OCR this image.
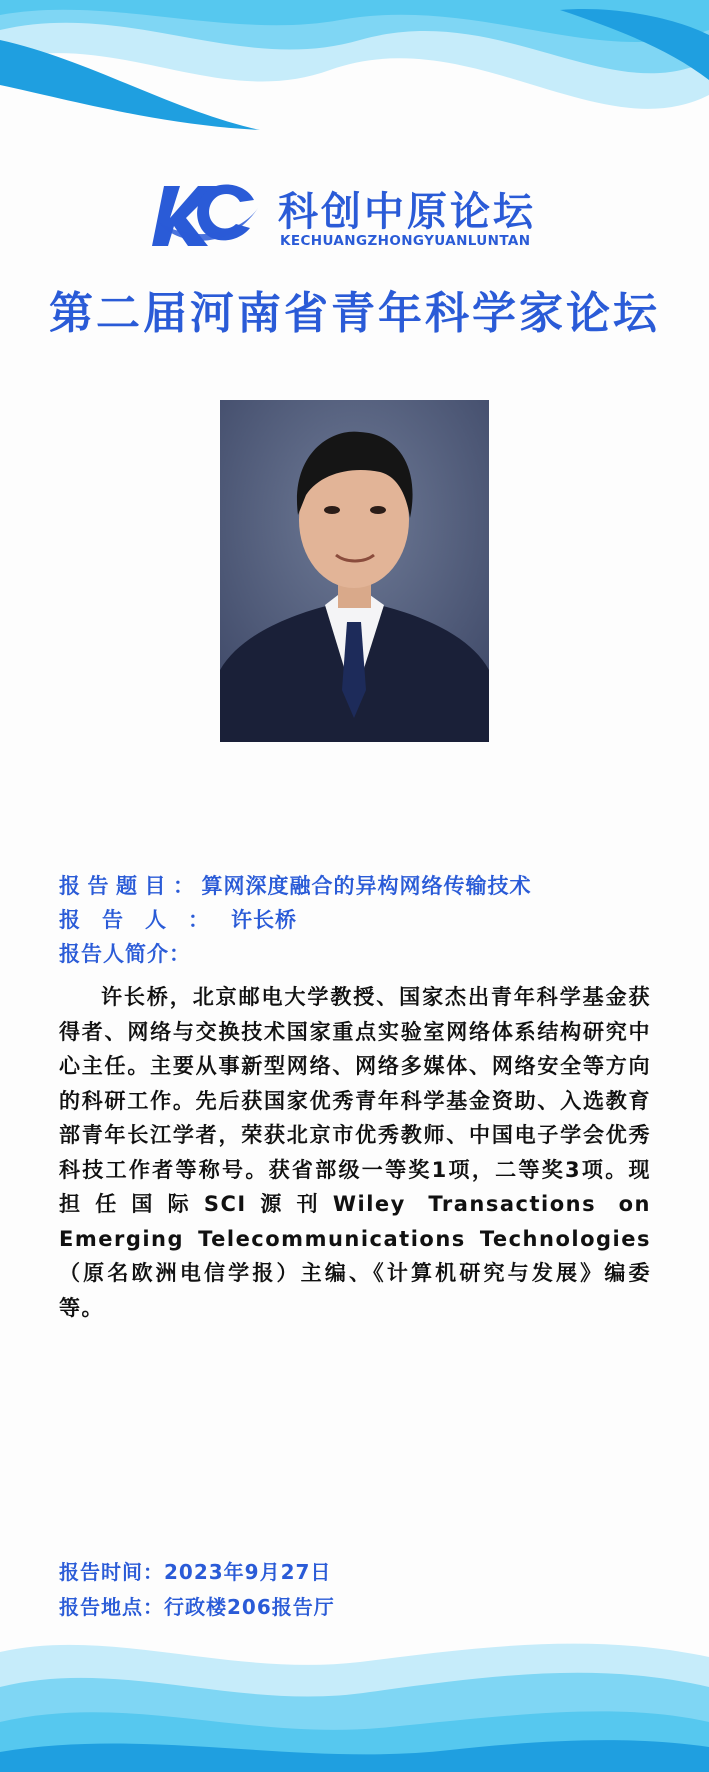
科创中原论坛
KECHUANGZHONGYUANLUNTAN
第二届河南省青年科学家论坛
报告题目：算网深度融合的异构网络传输技术
报告人：许长桥
报告人简介：
许长桥，北京邮电大学教授、国家杰出青年科学基金获得者、网络与交换技术国家重点实验室网络体系结构研究中心主任。主要从事新型网络、网络多媒体、网络安全等方向的科研工作。先后获国家优秀青年科学基金资助、入选教育部青年长江学者，荣获北京市优秀教师、中国电子学会优秀科技工作者等称号。获省部级一等奖1项，二等奖3项。现担任国际SCI源刊Wiley Transactions on Emerging Telecommunications Technologies（原名欧洲电信学报）主编、《计算机研究与发展》编委等。
报告时间：2023年9月27日
报告地点：行政楼206报告厅
